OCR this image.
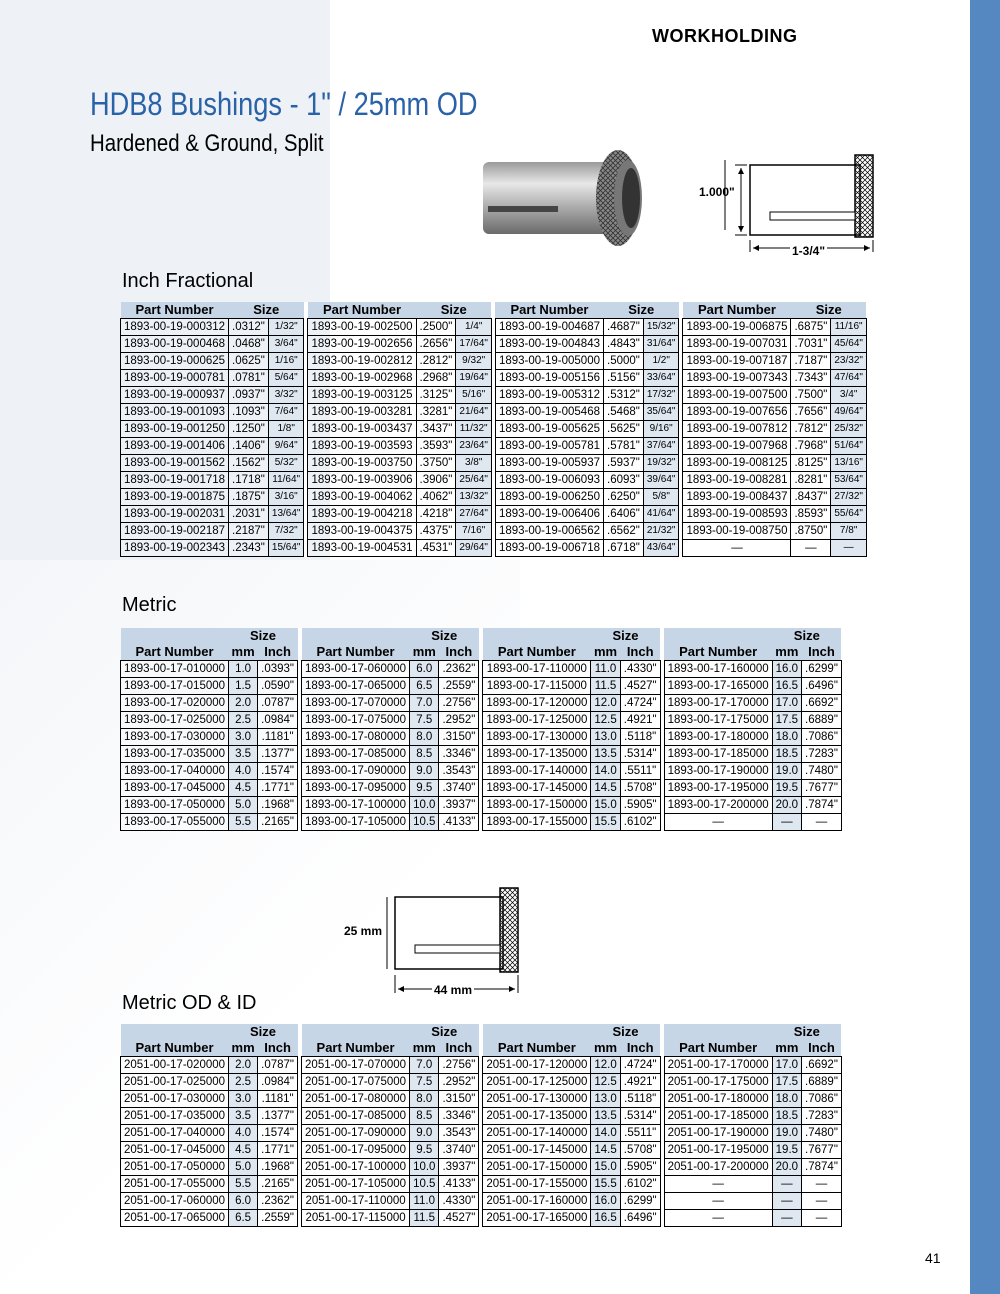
WORKHOLDING
HDB8 Bushings - 1" / 25mm OD
Hardened & Ground, Split
1.000"
1-3/4"
Inch Fractional
Part Number	Size			Part Number	Size			Part Number	Size			Part Number	Size	
1893-00-19-000312	.0312"	1/32"		1893-00-19-002500	.2500"	1/4"		1893-00-19-004687	.4687"	15/32"		1893-00-19-006875	.6875"	11/16"
1893-00-19-000468	.0468"	3/64"		1893-00-19-002656	.2656"	17/64"		1893-00-19-004843	.4843"	31/64"		1893-00-19-007031	.7031"	45/64"
1893-00-19-000625	.0625"	1/16"		1893-00-19-002812	.2812"	9/32"		1893-00-19-005000	.5000"	1/2"		1893-00-19-007187	.7187"	23/32"
1893-00-19-000781	.0781"	5/64"		1893-00-19-002968	.2968"	19/64"		1893-00-19-005156	.5156"	33/64"		1893-00-19-007343	.7343"	47/64"
1893-00-19-000937	.0937"	3/32"		1893-00-19-003125	.3125"	5/16"		1893-00-19-005312	.5312"	17/32"		1893-00-19-007500	.7500"	3/4"
1893-00-19-001093	.1093"	7/64"		1893-00-19-003281	.3281"	21/64"		1893-00-19-005468	.5468"	35/64"		1893-00-19-007656	.7656"	49/64"
1893-00-19-001250	.1250"	1/8"		1893-00-19-003437	.3437"	11/32"		1893-00-19-005625	.5625"	9/16"		1893-00-19-007812	.7812"	25/32"
1893-00-19-001406	.1406"	9/64"		1893-00-19-003593	.3593"	23/64"		1893-00-19-005781	.5781"	37/64"		1893-00-19-007968	.7968"	51/64"
1893-00-19-001562	.1562"	5/32"		1893-00-19-003750	.3750"	3/8"		1893-00-19-005937	.5937"	19/32"		1893-00-19-008125	.8125"	13/16"
1893-00-19-001718	.1718"	11/64"		1893-00-19-003906	.3906"	25/64"		1893-00-19-006093	.6093"	39/64"		1893-00-19-008281	.8281"	53/64"
1893-00-19-001875	.1875"	3/16"		1893-00-19-004062	.4062"	13/32"		1893-00-19-006250	.6250"	5/8"		1893-00-19-008437	.8437"	27/32"
1893-00-19-002031	.2031"	13/64"		1893-00-19-004218	.4218"	27/64"		1893-00-19-006406	.6406"	41/64"		1893-00-19-008593	.8593"	55/64"
1893-00-19-002187	.2187"	7/32"		1893-00-19-004375	.4375"	7/16"		1893-00-19-006562	.6562"	21/32"		1893-00-19-008750	.8750"	7/8"
1893-00-19-002343	.2343"	15/64"		1893-00-19-004531	.4531"	29/64"		1893-00-19-006718	.6718"	43/64"		—	—	—
Metric
	Size				Size				Size				Size	
Part Number	mm	Inch		Part Number	mm	Inch		Part Number	mm	Inch		Part Number	mm	Inch
1893-00-17-010000	1.0	.0393"		1893-00-17-060000	6.0	.2362"		1893-00-17-110000	11.0	.4330"		1893-00-17-160000	16.0	.6299"
1893-00-17-015000	1.5	.0590"		1893-00-17-065000	6.5	.2559"		1893-00-17-115000	11.5	.4527"		1893-00-17-165000	16.5	.6496"
1893-00-17-020000	2.0	.0787"		1893-00-17-070000	7.0	.2756"		1893-00-17-120000	12.0	.4724"		1893-00-17-170000	17.0	.6692"
1893-00-17-025000	2.5	.0984"		1893-00-17-075000	7.5	.2952"		1893-00-17-125000	12.5	.4921"		1893-00-17-175000	17.5	.6889"
1893-00-17-030000	3.0	.1181"		1893-00-17-080000	8.0	.3150"		1893-00-17-130000	13.0	.5118"		1893-00-17-180000	18.0	.7086"
1893-00-17-035000	3.5	.1377"		1893-00-17-085000	8.5	.3346"		1893-00-17-135000	13.5	.5314"		1893-00-17-185000	18.5	.7283"
1893-00-17-040000	4.0	.1574"		1893-00-17-090000	9.0	.3543"		1893-00-17-140000	14.0	.5511"		1893-00-17-190000	19.0	.7480"
1893-00-17-045000	4.5	.1771"		1893-00-17-095000	9.5	.3740"		1893-00-17-145000	14.5	.5708"		1893-00-17-195000	19.5	.7677"
1893-00-17-050000	5.0	.1968"		1893-00-17-100000	10.0	.3937"		1893-00-17-150000	15.0	.5905"		1893-00-17-200000	20.0	.7874"
1893-00-17-055000	5.5	.2165"		1893-00-17-105000	10.5	.4133"		1893-00-17-155000	15.5	.6102"		—	—	—
25 mm
44 mm
Metric OD & ID
	Size				Size				Size				Size	
Part Number	mm	Inch		Part Number	mm	Inch		Part Number	mm	Inch		Part Number	mm	Inch
2051-00-17-020000	2.0	.0787"		2051-00-17-070000	7.0	.2756"		2051-00-17-120000	12.0	.4724"		2051-00-17-170000	17.0	.6692"
2051-00-17-025000	2.5	.0984"		2051-00-17-075000	7.5	.2952"		2051-00-17-125000	12.5	.4921"		2051-00-17-175000	17.5	.6889"
2051-00-17-030000	3.0	.1181"		2051-00-17-080000	8.0	.3150"		2051-00-17-130000	13.0	.5118"		2051-00-17-180000	18.0	.7086"
2051-00-17-035000	3.5	.1377"		2051-00-17-085000	8.5	.3346"		2051-00-17-135000	13.5	.5314"		2051-00-17-185000	18.5	.7283"
2051-00-17-040000	4.0	.1574"		2051-00-17-090000	9.0	.3543"		2051-00-17-140000	14.0	.5511"		2051-00-17-190000	19.0	.7480"
2051-00-17-045000	4.5	.1771"		2051-00-17-095000	9.5	.3740"		2051-00-17-145000	14.5	.5708"		2051-00-17-195000	19.5	.7677"
2051-00-17-050000	5.0	.1968"		2051-00-17-100000	10.0	.3937"		2051-00-17-150000	15.0	.5905"		2051-00-17-200000	20.0	.7874"
2051-00-17-055000	5.5	.2165"		2051-00-17-105000	10.5	.4133"		2051-00-17-155000	15.5	.6102"		—	—	—
2051-00-17-060000	6.0	.2362"		2051-00-17-110000	11.0	.4330"		2051-00-17-160000	16.0	.6299"		—	—	—
2051-00-17-065000	6.5	.2559"		2051-00-17-115000	11.5	.4527"		2051-00-17-165000	16.5	.6496"		—	—	—
41
